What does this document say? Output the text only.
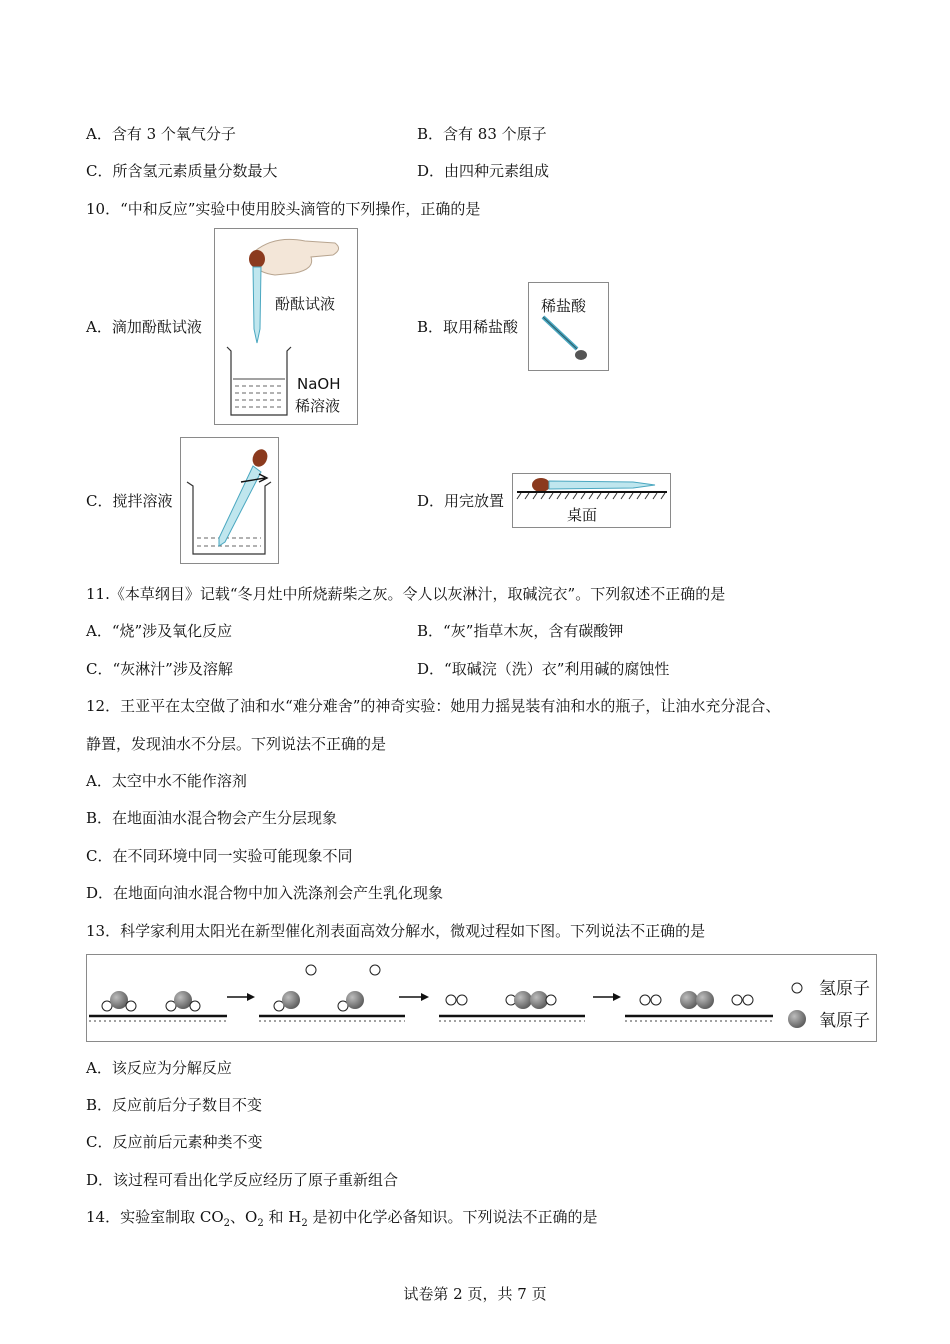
A．含有 3 个氧气分子	B．含有 83 个原子
C．所含氢元素质量分数最大	D．由四种元素组成
10．“中和反应”实验中使用胶头滴管的下列操作，正确的是
A．滴加酚酞试液
酚酞试液
NaOH
稀溶液
B．取用稀盐酸
稀盐酸
C．搅拌溶液	D．用完放置
桌面
11.《本草纲目》记载“冬月灶中所烧薪柴之灰。令人以灰淋汁，取碱浣衣”。下列叙述不正确的是
A．“烧”涉及氧化反应	B．“灰”指草木灰，含有碳酸钾
C．“灰淋汁”涉及溶解	D．“取碱浣（洗）衣”利用碱的腐蚀性
12．王亚平在太空做了油和水“难分难舍”的神奇实验：她用力摇晃装有油和水的瓶子，让油水充分混合、
静置，发现油水不分层。下列说法不正确的是
A．太空中水不能作溶剂
B．在地面油水混合物会产生分层现象
C．在不同环境中同一实验可能现象不同
D．在地面向油水混合物中加入洗涤剂会产生乳化现象
13．科学家利用太阳光在新型催化剂表面高效分解水，微观过程如下图。下列说法不正确的是
氢原子
氧原子
A．该反应为分解反应
B．反应前后分子数目不变
C．反应前后元素种类不变
D．该过程可看出化学反应经历了原子重新组合
14．实验室制取 $CO_2$、$O_2$ 和 $H_2$ 是初中化学必备知识。下列说法不正确的是
试卷第 2 页，共 7 页
